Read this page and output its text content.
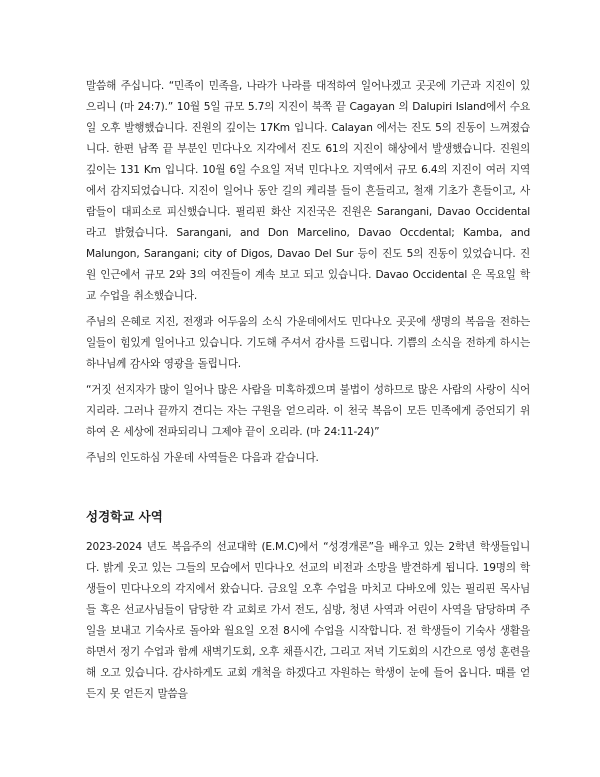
말씀해 주십니다. “민족이 민족을, 나라가 나라를 대적하여 일어나겠고 곳곳에 기근과 지진이 있으리니 (마 24:7).” 10월 5일 규모 5.7의 지진이 북쪽 끝 Cagayan 의 Dalupiri Island에서 수요일 오후 발행했습니다. 진원의 깊이는 17Km 입니다. Calayan 에서는 진도 5의 진동이 느껴졌습니다. 한편 남쪽 끝 부분인 민다나오 지각에서 진도 61의 지진이 해상에서 발생했습니다. 진원의 깊이는 131 Km 입니다. 10월 6일 수요일 저녁 민다나오 지역에서 규모 6.4의 지진이 여러 지역에서 감지되었습니다. 지진이 일어나 동안 길의 케리블 들이 흔들리고, 철재 기초가 흔들이고, 사람들이 대피소로 피신했습니다. 필리핀 화산 지진국은 진원은 Sarangani, Davao Occidental 라고 밝혔습니다. Sarangani, and Don Marcelino, Davao Occdental; Kamba, and Malungon, Sarangani; city of Digos, Davao Del Sur 등이 진도 5의 진동이 있었습니다. 진원 인근에서 규모 2와 3의 여진들이 계속 보고 되고 있습니다. Davao Occidental 은 목요일 학교 수업을 취소했습니다.

주님의 은혜로 지진, 전쟁과 어두움의 소식 가운데에서도 민다나오 곳곳에 생명의 복음을 전하는 일들이 힘있게 일어나고 있습니다. 기도해 주셔서 감사를 드립니다. 기쁨의 소식을 전하게 하시는 하나님께 감사와 영광을 돌립니다.

“거짓 선지자가 많이 일어나 많은 사람을 미혹하겠으며 불법이 성하므로 많은 사람의 사랑이 식어지리라. 그러나 끝까지 견디는 자는 구원을 얻으리라. 이 천국 복음이 모든 민족에게 증언되기 위하여 온 세상에 전파되리니 그제야 끝이 오리라. (마 24:11-24)”

주님의 인도하심 가운데 사역들은 다음과 같습니다.

성경학교 사역

2023-2024 년도 복음주의 선교대학 (E.M.C)에서 “성경개론”을 배우고 있는 2학년 학생들입니다. 밝게 웃고 있는 그들의 모습에서 민다나오 선교의 비전과 소망을 발견하게 됩니다. 19명의 학생들이 민다나오의 각지에서 왔습니다. 금요일 오후 수업을 마치고 다바오에 있는 필리핀 목사님들 혹은 선교사님들이 담당한 각 교회로 가서 전도, 심방, 청년 사역과 어린이 사역을 담당하며 주일을 보내고 기숙사로 돌아와 월요일 오전 8시에 수업을 시작합니다. 전 학생들이 기숙사 생활을 하면서 정기 수업과 함께 새벽기도회, 오후 채플시간, 그리고 저녁 기도회의 시간으로 영성 훈련을 해 오고 있습니다. 감사하게도 교회 개척을 하겠다고 자원하는 학생이 눈에 들어 옵니다. 때를 얻든지 못 얻든지 말씀을
